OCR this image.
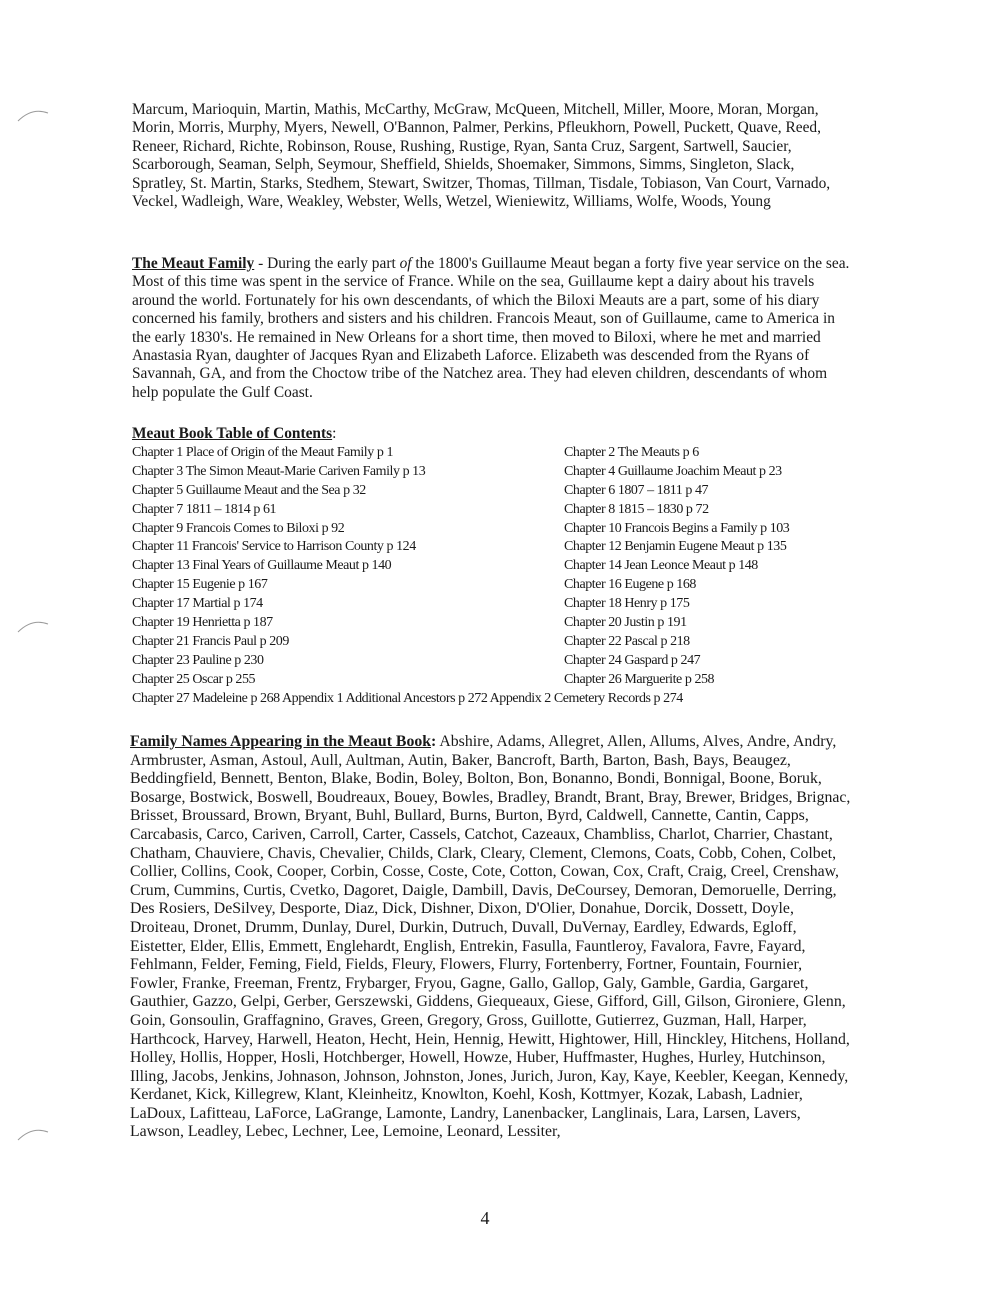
Marcum, Marioquin, Martin, Mathis, McCarthy, McGraw, McQueen, Mitchell, Miller, Moore, Moran, Morgan, Morin, Morris, Murphy, Myers, Newell, O'Bannon, Palmer, Perkins, Pfleukhorn, Powell, Puckett, Quave, Reed, Reneer, Richard, Richte, Robinson, Rouse, Rushing, Rustige, Ryan, Santa Cruz, Sargent, Sartwell, Saucier, Scarborough, Seaman, Selph, Seymour, Sheffield, Shields, Shoemaker, Simmons, Simms, Singleton, Slack, Spratley, St. Martin, Starks, Stedhem, Stewart, Switzer, Thomas, Tillman, Tisdale, Tobiason, Van Court, Varnado, Veckel, Wadleigh, Ware, Weakley, Webster, Wells, Wetzel, Wieniewitz, Williams, Wolfe, Woods, Young
The Meaut Family - During the early part of the 1800's Guillaume Meaut began a forty five year service on the sea. Most of this time was spent in the service of France. While on the sea, Guillaume kept a dairy about his travels around the world. Fortunately for his own descendants, of which the Biloxi Meauts are a part, some of his diary concerned his family, brothers and sisters and his children. Francois Meaut, son of Guillaume, came to America in the early 1830's. He remained in New Orleans for a short time, then moved to Biloxi, where he met and married Anastasia Ryan, daughter of Jacques Ryan and Elizabeth Laforce. Elizabeth was descended from the Ryans of Savannah, GA, and from the Choctow tribe of the Natchez area. They had eleven children, descendants of whom help populate the Gulf Coast.
Meaut Book Table of Contents:
Chapter 1 Place of Origin of the Meaut Family p 1	Chapter 2 The Meauts p 6
Chapter 3 The Simon Meaut-Marie Cariven Family p 13	Chapter 4 Guillaume Joachim Meaut p 23
Chapter 5 Guillaume Meaut and the Sea p 32	Chapter 6 1807 – 1811 p 47
Chapter 7 1811 – 1814 p 61	Chapter 8 1815 – 1830 p 72
Chapter 9 Francois Comes to Biloxi p 92	Chapter 10 Francois Begins a Family p 103
Chapter 11 Francois' Service to Harrison County p 124	Chapter 12 Benjamin Eugene Meaut p 135
Chapter 13 Final Years of Guillaume Meaut p 140	Chapter 14 Jean Leonce Meaut p 148
Chapter 15 Eugenie p 167	Chapter 16 Eugene p 168
Chapter 17 Martial p 174	Chapter 18 Henry p 175
Chapter 19 Henrietta p 187	Chapter 20 Justin p 191
Chapter 21 Francis Paul p 209	Chapter 22 Pascal p 218
Chapter 23 Pauline p 230	Chapter 24 Gaspard p 247
Chapter 25 Oscar p 255	Chapter 26 Marguerite p 258
Chapter 27 Madeleine p 268 Appendix 1 Additional Ancestors p 272 Appendix 2 Cemetery Records p 274
Family Names Appearing in the Meaut Book: Abshire, Adams, Allegret, Allen, Allums, Alves, Andre, Andry, Armbruster, Asman, Astoul, Aull, Aultman, Autin, Baker, Bancroft, Barth, Barton, Bash, Bays, Beaugez, Beddingfield, Bennett, Benton, Blake, Bodin, Boley, Bolton, Bon, Bonanno, Bondi, Bonnigal, Boone, Boruk, Bosarge, Bostwick, Boswell, Boudreaux, Bouey, Bowles, Bradley, Brandt, Brant, Bray, Brewer, Bridges, Brignac, Brisset, Broussard, Brown, Bryant, Buhl, Bullard, Burns, Burton, Byrd, Caldwell, Cannette, Cantin, Capps, Carcabasis, Carco, Cariven, Carroll, Carter, Cassels, Catchot, Cazeaux, Chambliss, Charlot, Charrier, Chastant, Chatham, Chauviere, Chavis, Chevalier, Childs, Clark, Cleary, Clement, Clemons, Coats, Cobb, Cohen, Colbet, Collier, Collins, Cook, Cooper, Corbin, Cosse, Coste, Cote, Cotton, Cowan, Cox, Craft, Craig, Creel, Crenshaw, Crum, Cummins, Curtis, Cvetko, Dagoret, Daigle, Dambill, Davis, DeCoursey, Demoran, Demoruelle, Derring, Des Rosiers, DeSilvey, Desporte, Diaz, Dick, Dishner, Dixon, D'Olier, Donahue, Dorcik, Dossett, Doyle, Droiteau, Dronet, Drumm, Dunlay, Durel, Durkin, Dutruch, Duvall, DuVernay, Eardley, Edwards, Egloff, Eistetter, Elder, Ellis, Emmett, Englehardt, English, Entrekin, Fasulla, Fauntleroy, Favalora, Favre, Fayard, Fehlmann, Felder, Feming, Field, Fields, Fleury, Flowers, Flurry, Fortenberry, Fortner, Fountain, Fournier, Fowler, Franke, Freeman, Frentz, Frybarger, Fryou, Gagne, Gallo, Gallop, Galy, Gamble, Gardia, Gargaret, Gauthier, Gazzo, Gelpi, Gerber, Gerszewski, Giddens, Giequeaux, Giese, Gifford, Gill, Gilson, Gironiere, Glenn, Goin, Gonsoulin, Graffagnino, Graves, Green, Gregory, Gross, Guillotte, Gutierrez, Guzman, Hall, Harper, Harthcock, Harvey, Harwell, Heaton, Hecht, Hein, Hennig, Hewitt, Hightower, Hill, Hinckley, Hitchens, Holland, Holley, Hollis, Hopper, Hosli, Hotchberger, Howell, Howze, Huber, Huffmaster, Hughes, Hurley, Hutchinson, Illing, Jacobs, Jenkins, Johnason, Johnson, Johnston, Jones, Jurich, Juron, Kay, Kaye, Keebler, Keegan, Kennedy, Kerdanet, Kick, Killegrew, Klant, Kleinheitz, Knowlton, Koehl, Kosh, Kottmyer, Kozak, Labash, Ladnier, LaDoux, Lafitteau, LaForce, LaGrange, Lamonte, Landry, Lanenbacker, Langlinais, Lara, Larsen, Lavers, Lawson, Leadley, Lebec, Lechner, Lee, Lemoine, Leonard, Lessiter,
4
